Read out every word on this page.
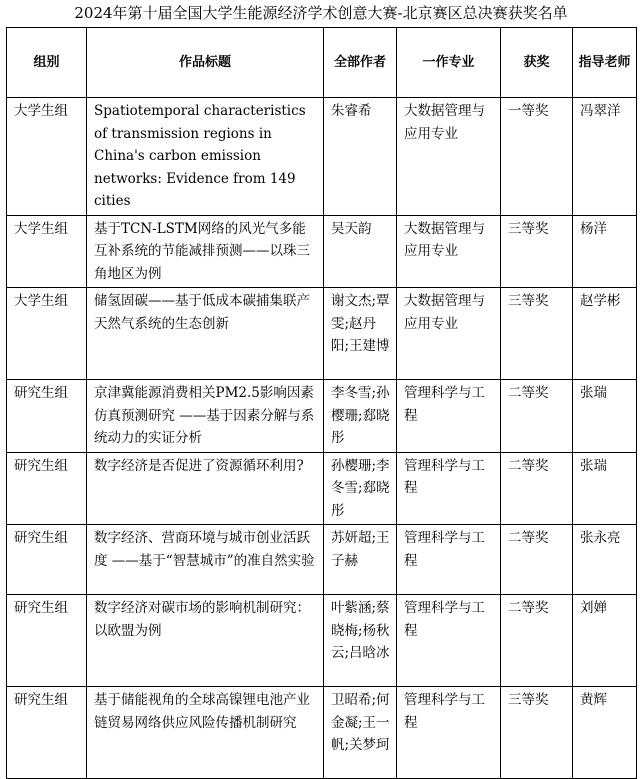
2024年第十届全国大学生能源经济学术创意大赛-北京赛区总决赛获奖名单
组别	作品标题	全部作者	一作专业	获奖	指导老师
大学生组	Spatiotemporal characteristics of transmission regions in China's carbon emission networks: Evidence from 149 cities	朱睿希	大数据管理与应用专业	一等奖	冯翠洋
大学生组	基于TCN-LSTM网络的风光气多能互补系统的节能减排预测——以珠三角地区为例	吴天韵	大数据管理与应用专业	三等奖	杨洋
大学生组	储氢固碳——基于低成本碳捕集联产天然气系统的生态创新	谢文杰;覃雯;赵丹阳;王建博	大数据管理与应用专业	三等奖	赵学彬
研究生组	京津冀能源消费相关PM2.5影响因素仿真预测研究 ——基于因素分解与系统动力的实证分析	李冬雪;孙樱珊;郄晓彤	管理科学与工程	二等奖	张瑞
研究生组	数字经济是否促进了资源循环利用?	孙樱珊;李冬雪;郄晓彤	管理科学与工程	二等奖	张瑞
研究生组	数字经济、营商环境与城市创业活跃度 ——基于“智慧城市”的准自然实验	苏妍超;王子赫	管理科学与工程	二等奖	张永亮
研究生组	数字经济对碳市场的影响机制研究：以欧盟为例	叶紫涵;蔡晓梅;杨秋云;吕晗冰	管理科学与工程	二等奖	刘婵
研究生组	基于储能视角的全球高镍锂电池产业链贸易网络供应风险传播机制研究	卫昭希;何金凝;王一帆;关梦珂	管理科学与工程	三等奖	黄辉
